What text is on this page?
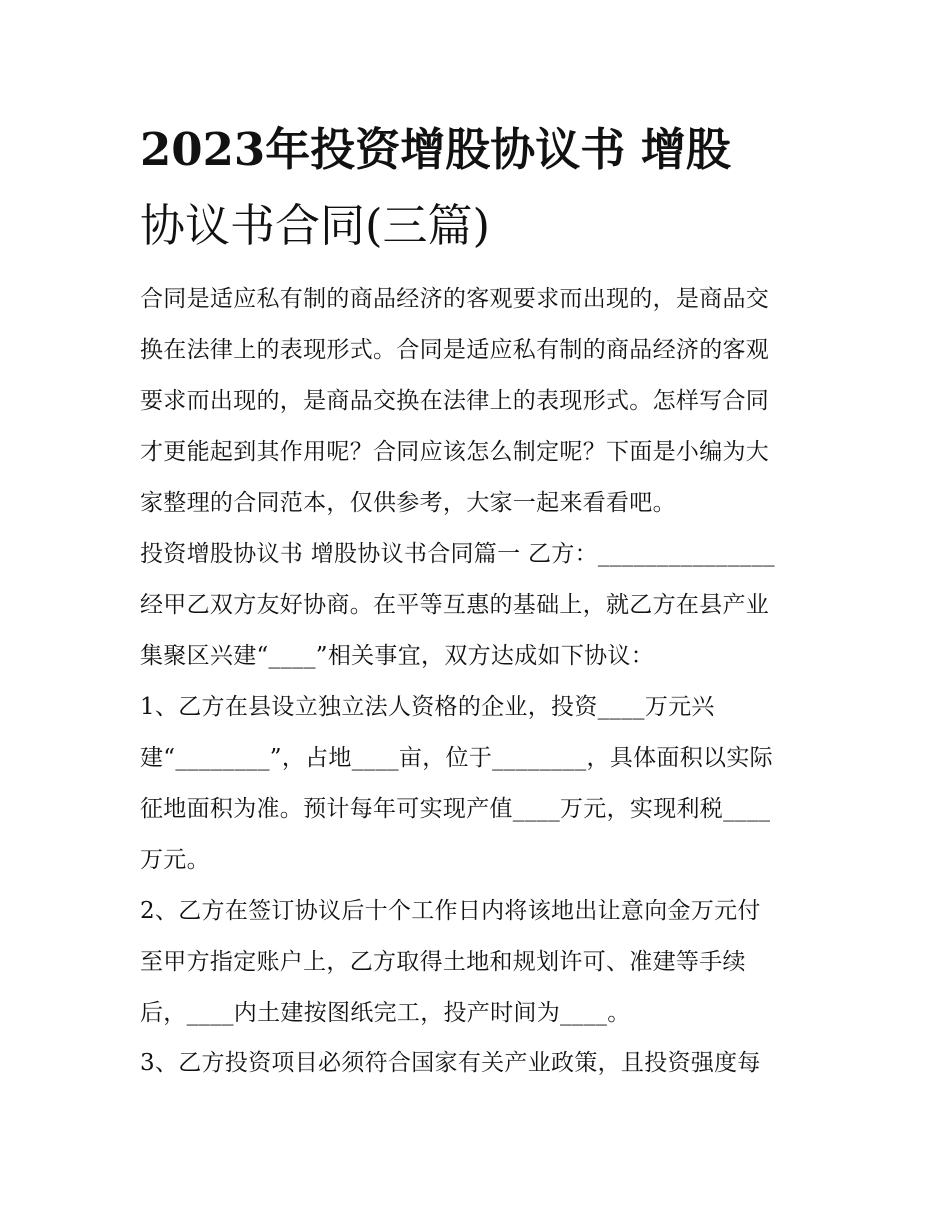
2023年投资增股协议书 增股
协议书合同(三篇)
合同是适应私有制的商品经济的客观要求而出现的，是商品交
换在法律上的表现形式。合同是适应私有制的商品经济的客观
要求而出现的，是商品交换在法律上的表现形式。怎样写合同
才更能起到其作用呢？合同应该怎么制定呢？下面是小编为大
家整理的合同范本，仅供参考，大家一起来看看吧。
投资增股协议书 增股协议书合同篇一 乙方：_______________
经甲乙双方友好协商。在平等互惠的基础上，就乙方在县产业
集聚区兴建“____”相关事宜，双方达成如下协议：
1、乙方在县设立独立法人资格的企业，投资____万元兴
建“________”，占地____亩，位于________，具体面积以实际
征地面积为准。预计每年可实现产值____万元，实现利税____
万元。
2、乙方在签订协议后十个工作日内将该地出让意向金万元付
至甲方指定账户上，乙方取得土地和规划许可、准建等手续
后，____内土建按图纸完工，投产时间为____。
3、乙方投资项目必须符合国家有关产业政策，且投资强度每
